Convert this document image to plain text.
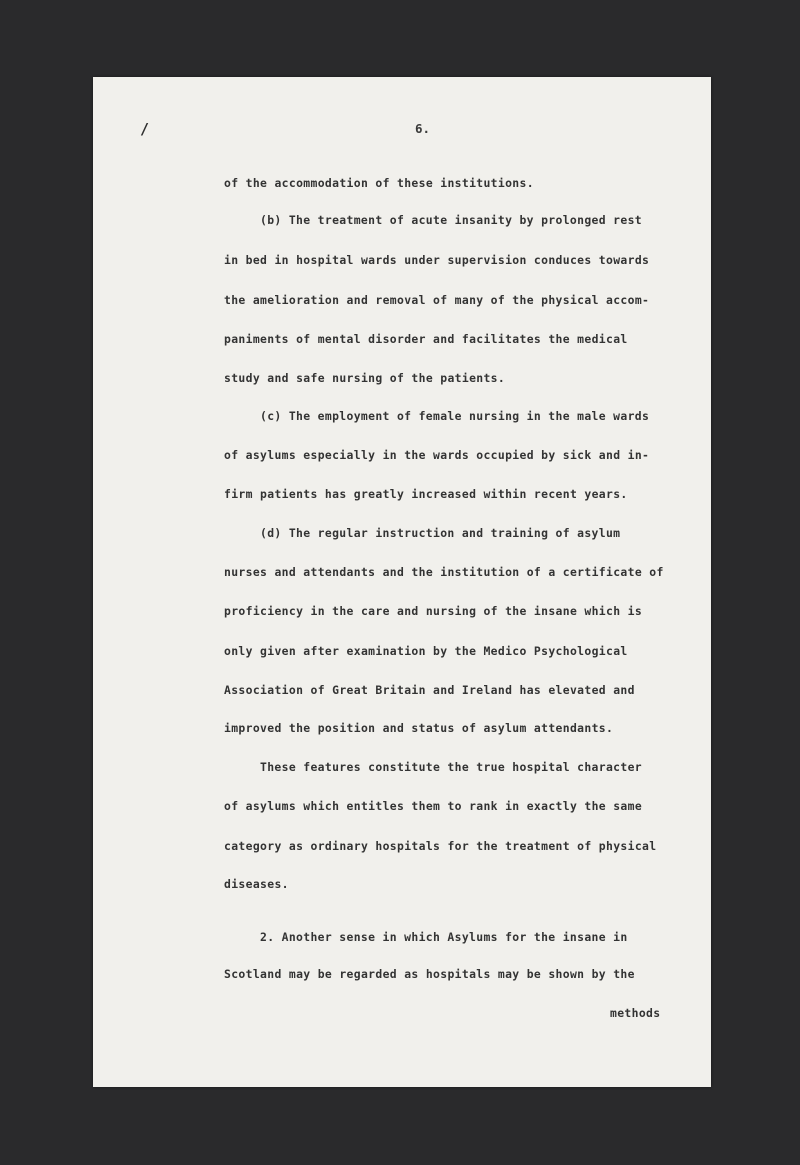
/	6.
of the accommodation of these institutions.
(b) The treatment of acute insanity by prolonged rest
in bed in hospital wards under supervision conduces towards
the amelioration and removal of many of the physical accom-
paniments of mental disorder and facilitates the medical
study and safe nursing of the patients.
(c) The employment of female nursing in the male wards
of asylums especially in the wards occupied by sick and in-
firm patients has greatly increased within recent years.
(d) The regular instruction and training of asylum
nurses and attendants and the institution of a certificate of
proficiency in the care and nursing of the insane which is
only given after examination by the Medico Psychological
Association of Great Britain and Ireland has elevated and
improved the position and status of asylum attendants.
These features constitute the true hospital character
of asylums which entitles them to rank in exactly the same
category as ordinary hospitals for the treatment of physical
diseases.
2. Another sense in which Asylums for the insane in
Scotland may be regarded as hospitals may be shown by the
methods
